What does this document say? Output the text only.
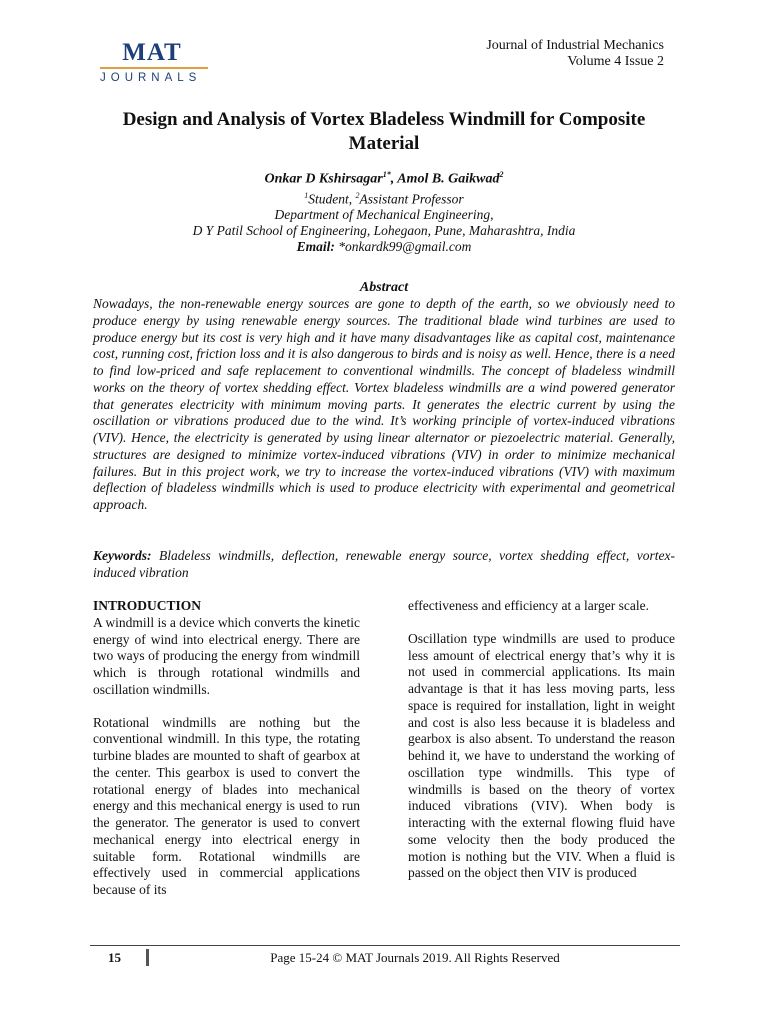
MAT
JOURNALS
Journal of Industrial Mechanics
Volume 4 Issue 2
Design and Analysis of Vortex Bladeless Windmill for Composite Material
Onkar D Kshirsagar$^{1*}$, Amol B. Gaikwad$^2$
$^1$Student, $^2$Assistant Professor
Department of Mechanical Engineering,
D Y Patil School of Engineering, Lohegaon, Pune, Maharashtra, India
Email: *onkardk99@gmail.com
Abstract

Nowadays, the non-renewable energy sources are gone to depth of the earth, so we obviously need to produce energy by using renewable energy sources. The traditional blade wind turbines are used to produce energy but its cost is very high and it have many disadvantages like as capital cost, maintenance cost, running cost, friction loss and it is also dangerous to birds and is noisy as well. Hence, there is a need to find low-priced and safe replacement to conventional windmills. The concept of bladeless windmill works on the theory of vortex shedding effect. Vortex bladeless windmills are a wind powered generator that generates electricity with minimum moving parts. It generates the electric current by using the oscillation or vibrations produced due to the wind. It’s working principle of vortex-induced vibrations (VIV). Hence, the electricity is generated by using linear alternator or piezoelectric material. Generally, structures are designed to minimize vortex-induced vibrations (VIV) in order to minimize mechanical failures. But in this project work, we try to increase the vortex-induced vibrations (VIV) with maximum deflection of bladeless windmills which is used to produce electricity with experimental and geometrical approach.

Keywords: Bladeless windmills, deflection, renewable energy source, vortex shedding effect, vortex-induced vibration

INTRODUCTION

A windmill is a device which converts the kinetic energy of wind into electrical energy. There are two ways of producing the energy from windmill which is through rotational windmills and oscillation windmills.

Rotational windmills are nothing but the conventional windmill. In this type, the rotating turbine blades are mounted to shaft of gearbox at the center. This gearbox is used to convert the rotational energy of blades into mechanical energy and this mechanical energy is used to run the generator. The generator is used to convert mechanical energy into electrical energy in suitable form. Rotational windmills are effectively used in commercial applications because of its

effectiveness and efficiency at a larger scale.

Oscillation type windmills are used to produce less amount of electrical energy that’s why it is not used in commercial applications. Its main advantage is that it has less moving parts, less space is required for installation, light in weight and cost is also less because it is bladeless and gearbox is also absent. To understand the reason behind it, we have to understand the working of oscillation type windmills. This type of windmills is based on the theory of vortex induced vibrations (VIV). When body is interacting with the external flowing fluid have some velocity then the body produced the motion is nothing but the VIV. When a fluid is passed on the object then VIV is produced

15	Page 15-24 © MAT Journals 2019. All Rights Reserved
